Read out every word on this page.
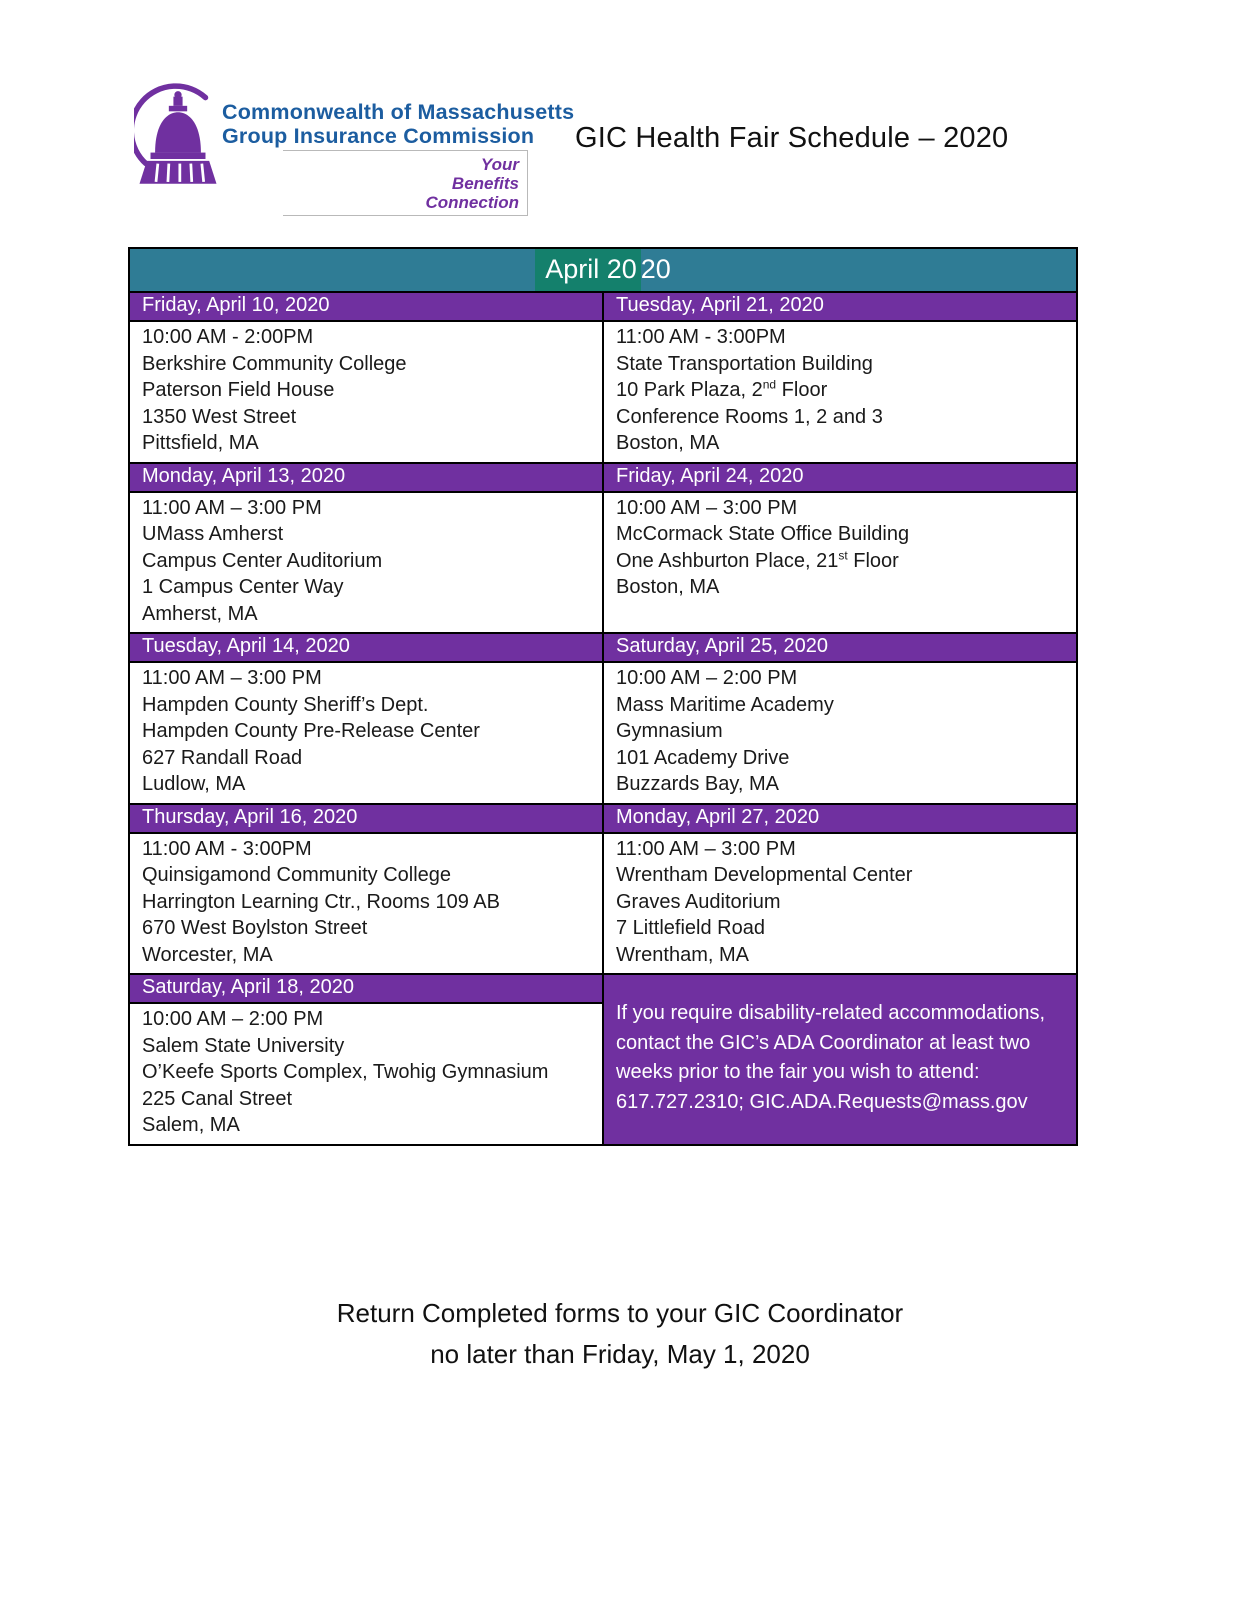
Commonwealth of Massachusetts
Group Insurance Commission
Your
Benefits
Connection
GIC Health Fair Schedule – 2020
April 20 20	
Friday, April 10, 2020	Tuesday, April 21, 2020

10:00 AM - 2:00PM
Berkshire Community College
Paterson Field House
1350 West Street
Pittsfield, MA

11:00 AM - 3:00PM
State Transportation Building
10 Park Plaza, 2nd Floor
Conference Rooms 1, 2 and 3
Boston, MA

Monday, April 13, 2020	Friday, April 24, 2020

11:00 AM – 3:00 PM
UMass Amherst
Campus Center Auditorium
1 Campus Center Way
Amherst, MA

10:00 AM – 3:00 PM
McCormack State Office Building
One Ashburton Place, 21st Floor
Boston, MA

Tuesday, April 14, 2020	Saturday, April 25, 2020

11:00 AM – 3:00 PM
Hampden County Sheriff’s Dept.
Hampden County Pre-Release Center
627 Randall Road
Ludlow, MA

10:00 AM – 2:00 PM
Mass Maritime Academy
Gymnasium
101 Academy Drive
Buzzards Bay, MA

Thursday, April 16, 2020	Monday, April 27, 2020

11:00 AM - 3:00PM
Quinsigamond Community College
Harrington Learning Ctr., Rooms 109 AB
670 West Boylston Street
Worcester, MA

11:00 AM – 3:00 PM
Wrentham Developmental Center
Graves Auditorium
7 Littlefield Road
Wrentham, MA

Saturday, April 18, 2020	If you require disability-related accommodations, contact the GIC’s ADA Coordinator at least two weeks prior to the fair you wish to attend: 617.727.2310; GIC.ADA.Requests@mass.gov

10:00 AM – 2:00 PM
Salem State University
O’Keefe Sports Complex, Twohig Gymnasium
225 Canal Street
Salem, MA	
Return Completed forms to your GIC Coordinator
no later than Friday, May 1, 2020
